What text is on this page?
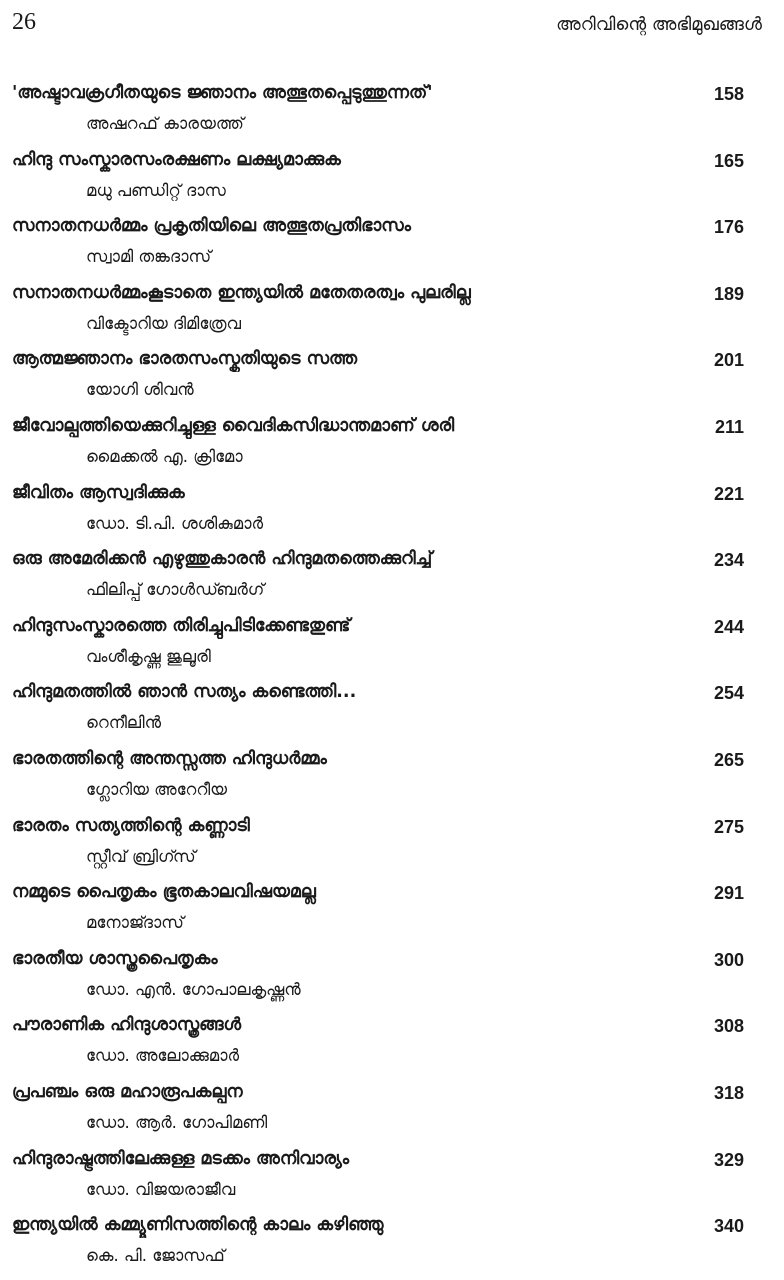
26	അറിവിന്റെ അഭിമുഖങ്ങൾ
'അഷ്ടാവക്രഗീതയുടെ ജ്ഞാനം അത്ഭുതപ്പെടുത്തുന്നത്'
അഷറഫ് കാരയത്ത്
158
ഹിന്ദു സംസ്കാരസംരക്ഷണം ലക്ഷ്യമാക്കുക
മധു പണ്ഡിറ്റ് ദാസ
165
സനാതനധർമ്മം പ്രകൃതിയിലെ അത്ഭുതപ്രതിഭാസം
സ്വാമി തങ്കദാസ്
176
സനാതനധർമ്മംകൂടാതെ ഇന്ത്യയിൽ മതേതരത്വം പുലരില്ല
വിക്ടോറിയ ദിമിത്രേവ
189
ആത്മജ്ഞാനം ഭാരതസംസ്കൃതിയുടെ സത്ത
യോഗി ശിവൻ
201
ജീവോല്പത്തിയെക്കുറിച്ചുള്ള വൈദികസിദ്ധാന്തമാണ് ശരി
മൈക്കൽ എ. ക്രിമോ
211
ജീവിതം ആസ്വദിക്കുക
ഡോ. ടി.പി. ശശികുമാർ
221
ഒരു അമേരിക്കൻ എഴുത്തുകാരൻ ഹിന്ദുമതത്തെക്കുറിച്ച്
ഫിലിപ്പ് ഗോൾഡ്ബർഗ്
234
ഹിന്ദുസംസ്കാരത്തെ തിരിച്ചുപിടിക്കേണ്ടതുണ്ട്
വംശീകൃഷ്ണ ജുലൂരി
244
ഹിന്ദുമതത്തിൽ ഞാൻ സത്യം കണ്ടെത്തി...
റെനീലിൻ
254
ഭാരതത്തിന്റെ അന്തസ്സത്ത ഹിന്ദുധർമ്മം
ഗ്ലോറിയ അറേറീയ
265
ഭാരതം സത്യത്തിന്റെ കണ്ണാടി
സ്റ്റീവ് ബ്രിഗ്സ്
275
നമ്മുടെ പൈതൃകം ഭൂതകാലവിഷയമല്ല
മനോജ്ദാസ്
291
ഭാരതീയ ശാസ്ത്രപൈതൃകം
ഡോ. എൻ. ഗോപാലകൃഷ്ണൻ
300
പൗരാണിക ഹിന്ദുശാസ്ത്രങ്ങൾ
ഡോ. അലോക്കുമാർ
308
പ്രപഞ്ചം ഒരു മഹാരൂപകല്പന
ഡോ. ആർ. ഗോപിമണി
318
ഹിന്ദുരാഷ്ട്രത്തിലേക്കുള്ള മടക്കം അനിവാര്യം
ഡോ. വിജയരാജീവ
329
ഇന്ത്യയിൽ കമ്മ്യൂണിസത്തിന്റെ കാലം കഴിഞ്ഞു
കെ. പി. ജോസഫ്
340
